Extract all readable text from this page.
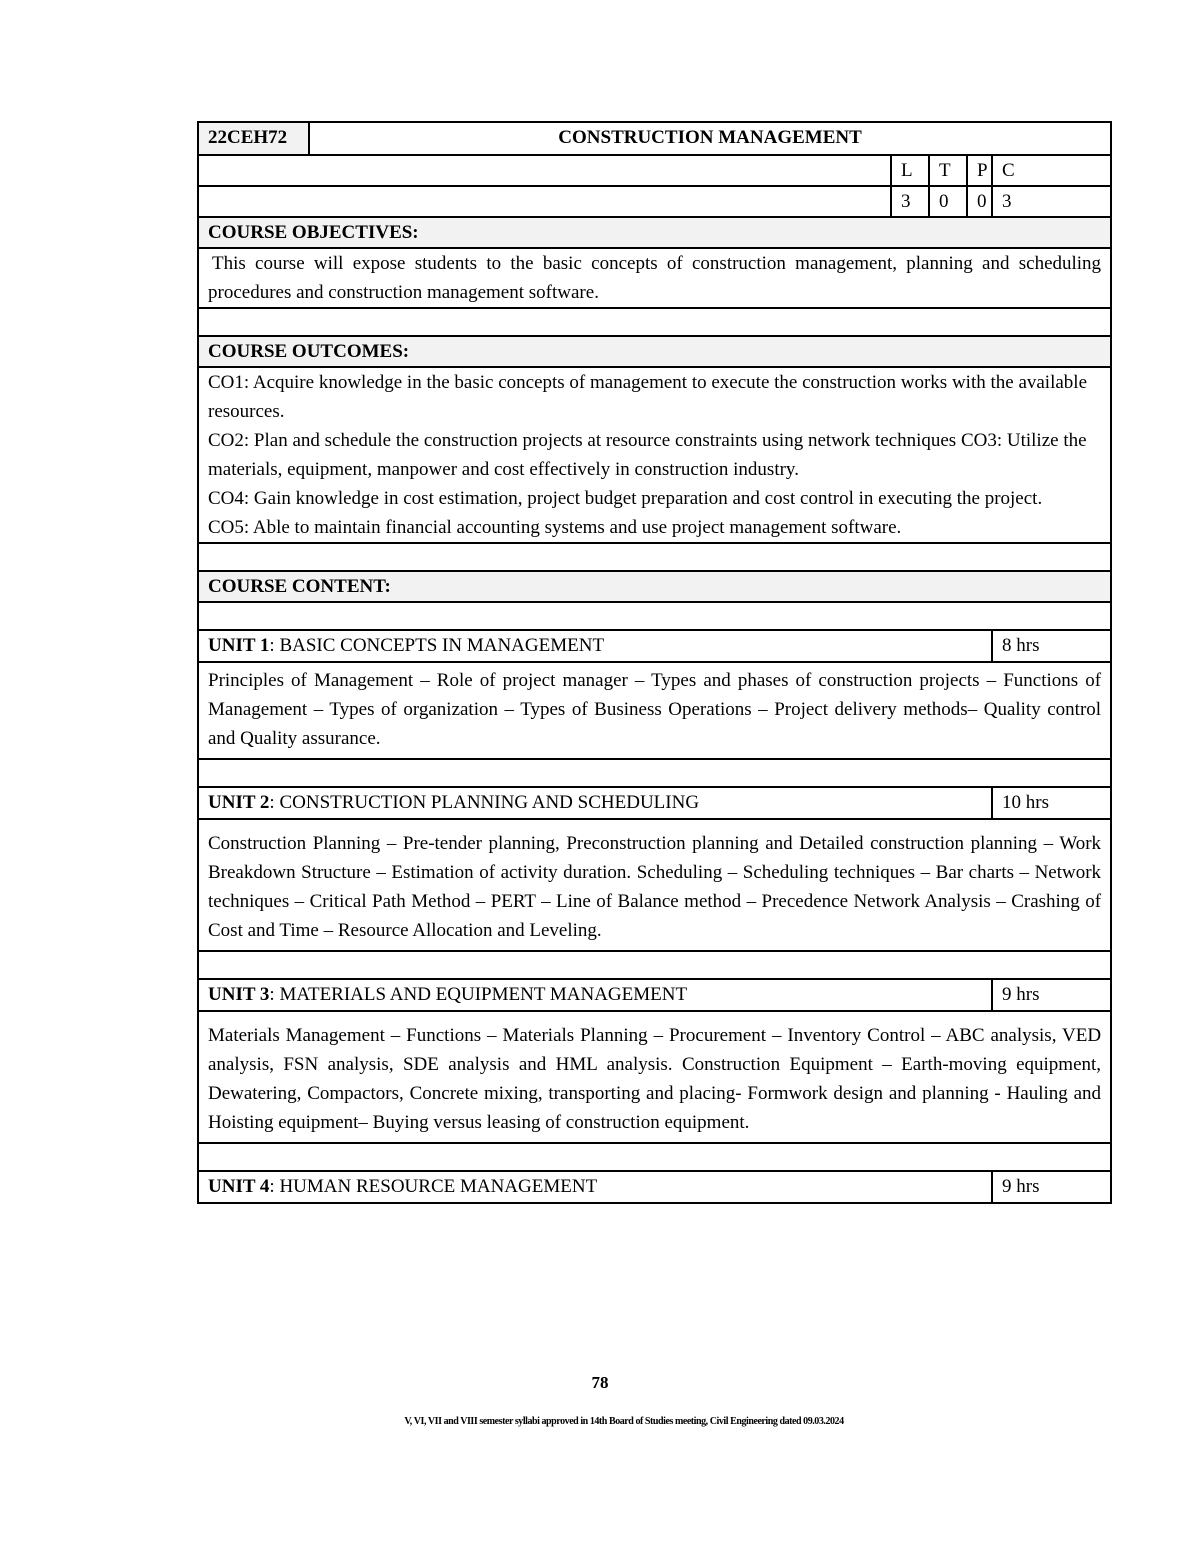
22CEH72	CONSTRUCTION MANAGEMENT				
		L	T	P	C
		3	0	0	3
COURSE OBJECTIVES:					
This course will expose students to the basic concepts of construction management, planning and scheduling procedures and construction management software.					

COURSE OUTCOMES:					

CO1: Acquire knowledge in the basic concepts of management to execute the construction works with the available resources.

CO2: Plan and schedule the construction projects at resource constraints using network techniques CO3: Utilize the materials, equipment, manpower and cost effectively in construction industry.

CO4: Gain knowledge in cost estimation, project budget preparation and cost control in executing the project.

CO5: Able to maintain financial accounting systems and use project management software.					

COURSE CONTENT:					

UNIT 1: BASIC CONCEPTS IN MANAGEMENT					8 hrs
Principles of Management – Role of project manager – Types and phases of construction projects – Functions of Management – Types of organization – Types of Business Operations – Project delivery methods– Quality control and Quality assurance.					

UNIT 2: CONSTRUCTION PLANNING AND SCHEDULING					10 hrs
Construction Planning – Pre-tender planning, Preconstruction planning and Detailed construction planning – Work Breakdown Structure – Estimation of activity duration. Scheduling – Scheduling techniques – Bar charts – Network techniques – Critical Path Method – PERT – Line of Balance method – Precedence Network Analysis – Crashing of Cost and Time – Resource Allocation and Leveling.					

UNIT 3: MATERIALS AND EQUIPMENT MANAGEMENT					9 hrs
Materials Management – Functions – Materials Planning – Procurement – Inventory Control – ABC analysis, VED analysis, FSN analysis, SDE analysis and HML analysis. Construction Equipment – Earth-moving equipment, Dewatering, Compactors, Concrete mixing, transporting and placing- Formwork design and planning - Hauling and Hoisting equipment– Buying versus leasing of construction equipment.					

UNIT 4: HUMAN RESOURCE MANAGEMENT					9 hrs
78
V, VI, VII and VIII semester syllabi approved in 14th Board of Studies meeting, Civil Engineering dated 09.03.2024
